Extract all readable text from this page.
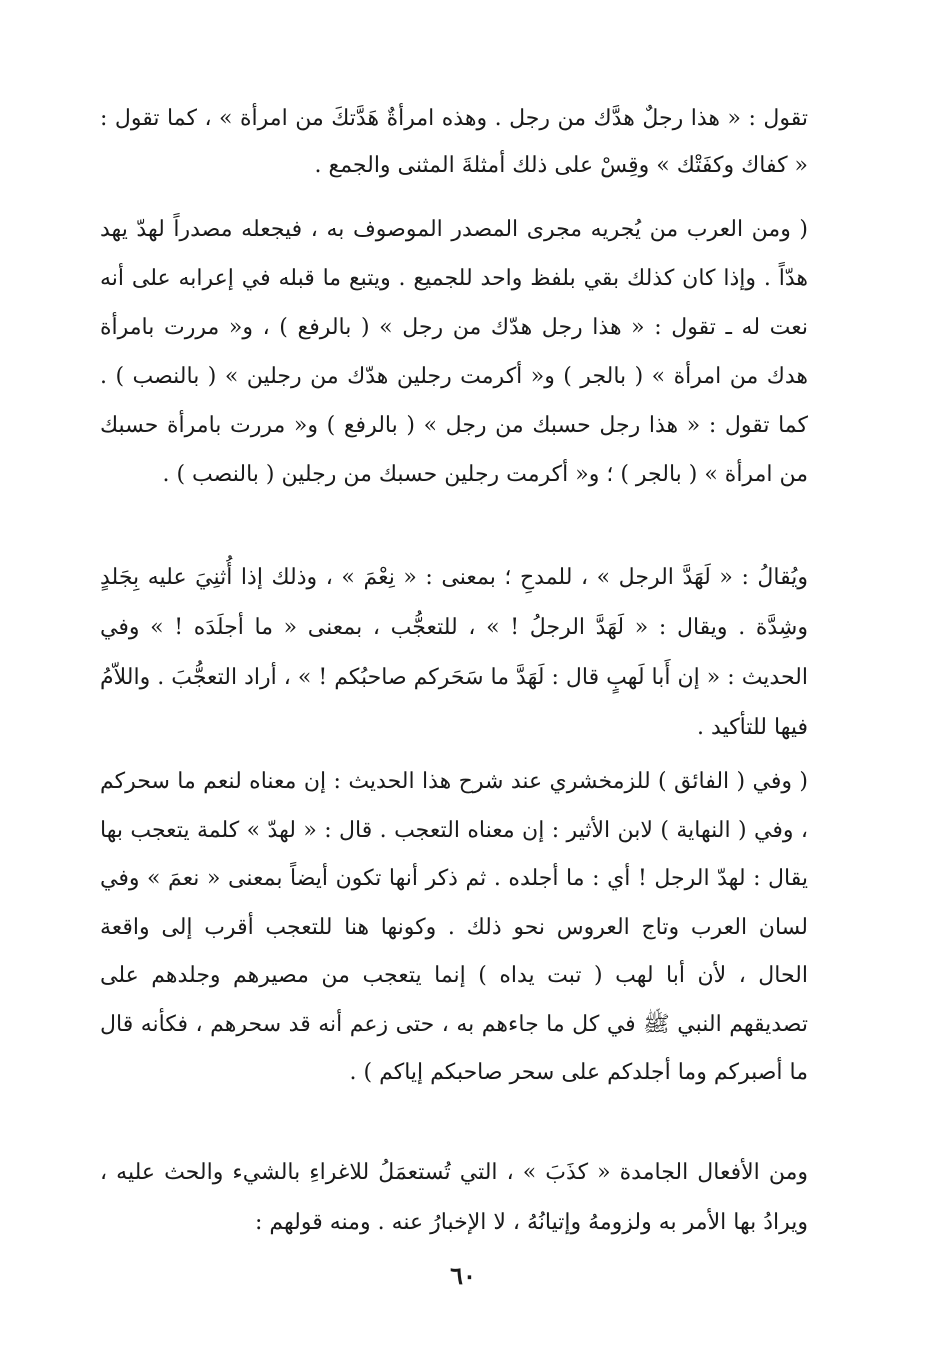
تقول : « هذا رجلٌ هدَّك من رجل . وهذه امرأةٌ هَدَّتكَ من امرأة » ، كما تقول : « كفاك وكفَتْك » وقِسْ على ذلك أمثلةَ المثنى والجمع .

( ومن العرب من يُجريه مجرى المصدر الموصوف به ، فيجعله مصدراً لهدّ يهد هدّاً . وإذا كان كذلك بقي بلفظ واحد للجميع . ويتبع ما قبله في إعرابه على أنه نعت له ـ تقول : « هذا رجل هدّك من رجل » ( بالرفع ) ، و« مررت بامرأة هدك من امرأة » ( بالجر ) و« أكرمت رجلين هدّك من رجلين » ( بالنصب ) . كما تقول : « هذا رجل حسبك من رجل » ( بالرفع ) و« مررت بامرأة حسبك من امرأة » ( بالجر ) ؛ و« أكرمت رجلين حسبك من رجلين ( بالنصب ) .

ويُقالُ : « لَهَدَّ الرجل » ، للمدحِ ؛ بمعنى : « نِعْمَ » ، وذلك إذا أُثنِيَ عليه بِجَلدٍ وشِدَّة . ويقال : « لَهَدَّ الرجلُ ! » ، للتعجُّب ، بمعنى « ما أجلَدَه ! » وفي الحديث : « إن أَبا لَهبٍ قال : لَهَدَّ ما سَحَركم صاحبُكم ! » ، أراد التعجُّبَ . واللاّمُ فيها للتأكيد .

( وفي ( الفائق ) للزمخشري عند شرح هذا الحديث : إن معناه لنعم ما سحركم ، وفي ( النهاية ) لابن الأثير : إن معناه التعجب . قال : « لهدّ » كلمة يتعجب بها يقال : لهدّ الرجل ! أي : ما أجلده . ثم ذكر أنها تكون أيضاً بمعنى « نعمَ » وفي لسان العرب وتاج العروس نحو ذلك . وكونها هنا للتعجب أقرب إلى واقعة الحال ، لأن أبا لهب ( تبت يداه ) إنما يتعجب من مصيرهم وجلدهم على تصديقهم النبي ﷺ في كل ما جاءهم به ، حتى زعم أنه قد سحرهم ، فكأنه قال ما أصبركم وما أجلدكم على سحر صاحبكم إياكم ) .

ومن الأفعال الجامدة « كذَبَ » ، التي تُستعمَلُ للاغراءِ بالشيء والحث عليه ، ويرادُ بها الأمر به ولزومهُ وإتيانُهُ ، لا الإخبارُ عنه . ومنه قولهم :

٦٠
